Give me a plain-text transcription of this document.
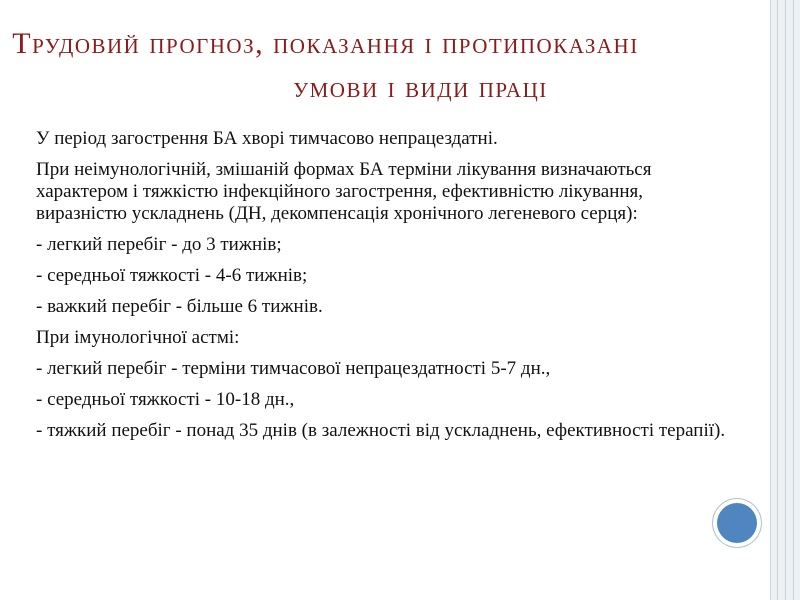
Трудовий прогноз, показання і протипоказані
умови і види праці

У період загострення БА хворі тимчасово непрацездатні.

При неімунологічній, змішаній формах БА терміни лікування визначаються характером і тяжкістю інфекційного загострення, ефективністю лікування, виразністю ускладнень (ДН, декомпенсація хронічного легеневого серця):

- легкий перебіг - до 3 тижнів;

- середньої тяжкості - 4-6 тижнів;

- важкий перебіг - більше 6 тижнів.

При імунологічної астмі:

- легкий перебіг - терміни тимчасової непрацездатності 5-7 дн.,

- середньої тяжкості - 10-18 дн.,

- тяжкий перебіг - понад 35 днів (в залежності від ускладнень, ефективності терапії).
